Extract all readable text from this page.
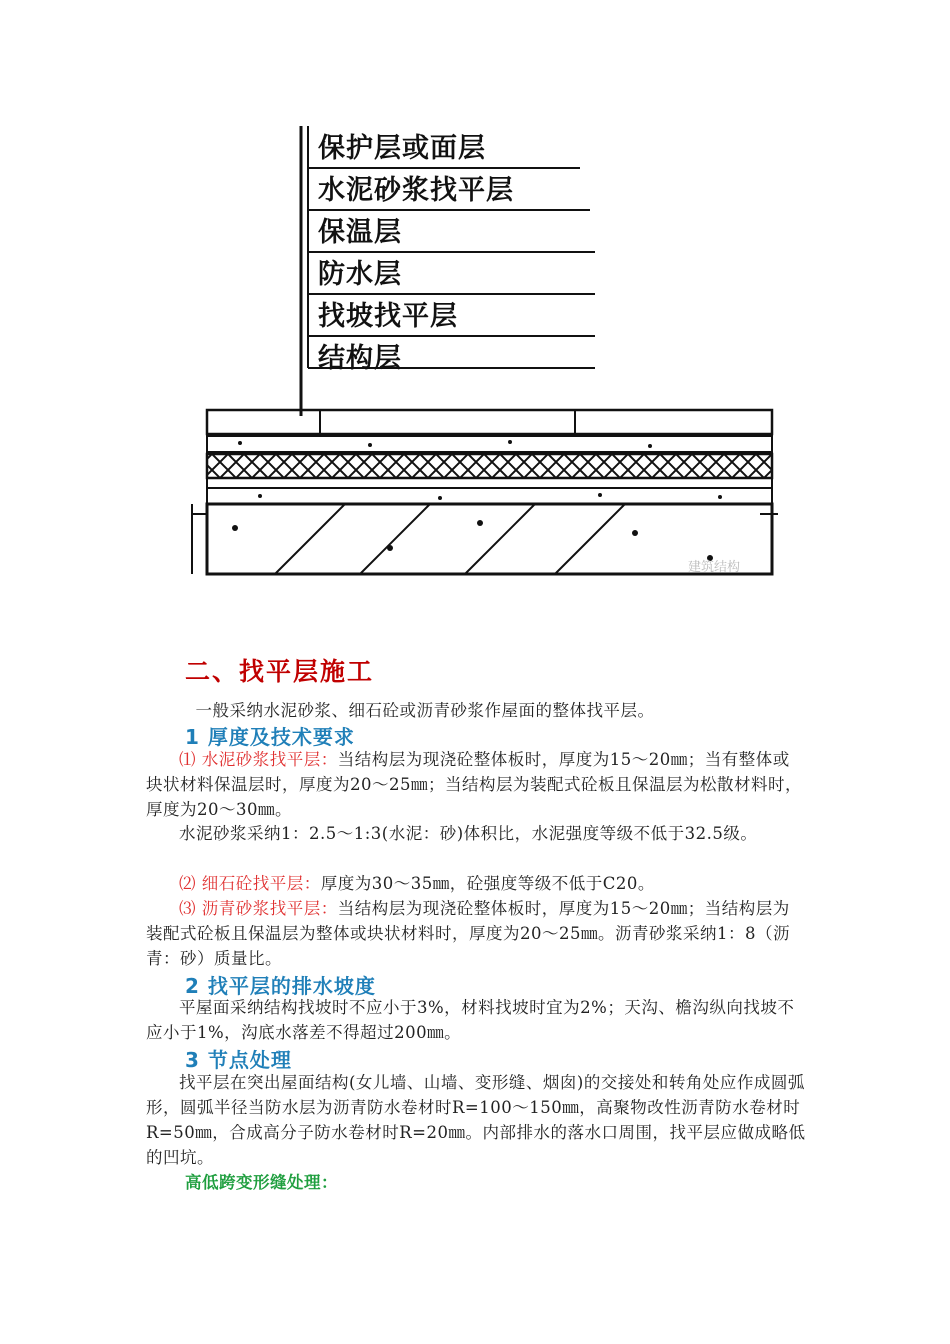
保护层或面层
水泥砂浆找平层
保温层
防水层
找坡找平层
结构层
建筑结构
二、找平层施工

一般采纳水泥砂浆、细石砼或沥青砂浆作屋面的整体找平层。

1 厚度及技术要求

⑴ 水泥砂浆找平层：当结构层为现浇砼整体板时，厚度为15～20㎜；当有整体或块状材料保温层时，厚度为20～25㎜；当结构层为装配式砼板且保温层为松散材料时，厚度为20～30㎜。

水泥砂浆采纳1：2.5～1:3(水泥：砂)体积比，水泥强度等级不低于32.5级。

⑵ 细石砼找平层：厚度为30～35㎜，砼强度等级不低于C20。

⑶ 沥青砂浆找平层：当结构层为现浇砼整体板时，厚度为15～20㎜；当结构层为装配式砼板且保温层为整体或块状材料时，厚度为20～25㎜。沥青砂浆采纳1：8（沥青：砂）质量比。

2 找平层的排水坡度

平屋面采纳结构找坡时不应小于3%，材料找坡时宜为2%；天沟、檐沟纵向找坡不应小于1%，沟底水落差不得超过200㎜。

3 节点处理

找平层在突出屋面结构(女儿墙、山墙、变形缝、烟囱)的交接处和转角处应作成圆弧形，圆弧半径当防水层为沥青防水卷材时R=100～150㎜，高聚物改性沥青防水卷材时R=50㎜，合成高分子防水卷材时R=20㎜。内部排水的落水口周围，找平层应做成略低的凹坑。

高低跨变形缝处理：
